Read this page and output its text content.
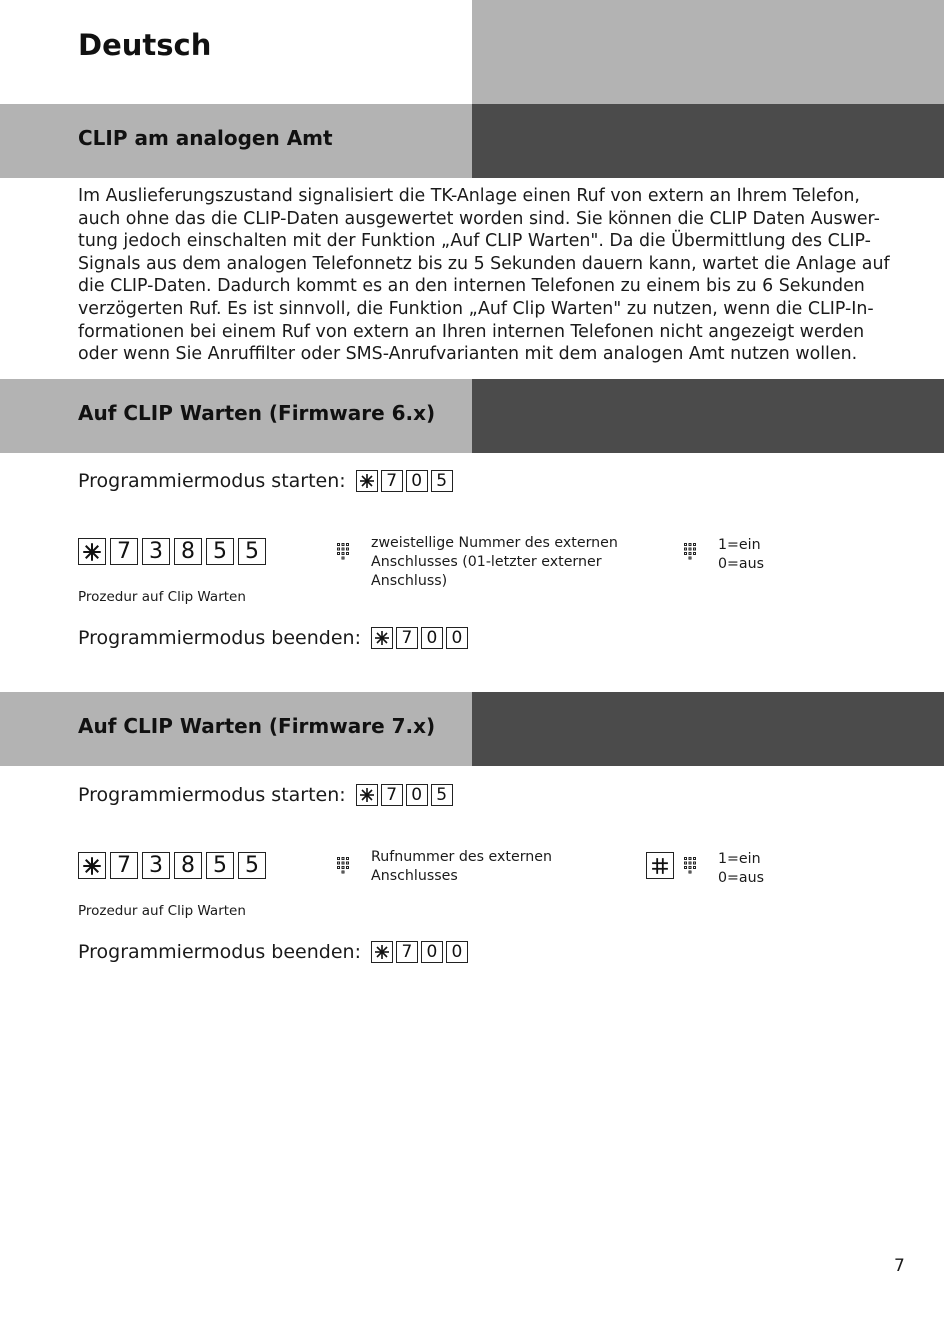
Deutsch
CLIP am analogen Amt

Im Auslieferungszustand signalisiert die TK-Anlage einen Ruf von extern an Ihrem Telefon,
auch ohne das die CLIP-Daten ausgewertet worden sind. Sie können die CLIP Daten Auswer-
tung jedoch einschalten mit der Funktion „Auf CLIP Warten". Da die Übermittlung des CLIP-
Signals aus dem analogen Telefonnetz bis zu 5 Sekunden dauern kann, wartet die Anlage auf
die CLIP-Daten. Dadurch kommt es an den internen Telefonen zu einem bis zu 6 Sekunden
verzögerten Ruf. Es ist sinnvoll, die Funktion „Auf Clip Warten" zu nutzen, wenn die CLIP-In-
formationen bei einem Ruf von extern an Ihren internen Telefonen nicht angezeigt werden
oder wenn Sie Anruffilter oder SMS-Anrufvarianten mit dem analogen Amt nutzen wollen.

Auf CLIP Warten (Firmware 6.x)
Programmiermodus starten:	7 0 5
7 3 8 5 5
Prozedur auf Clip Warten
zweistellige Nummer des externen
Anschlusses (01-letzter externer
Anschluss)
1=ein
0=aus
Programmiermodus beenden:	7 0 0
Auf CLIP Warten (Firmware 7.x)
Programmiermodus starten:	7 0 5
7 3 8 5 5
Prozedur auf Clip Warten
Rufnummer des externen
Anschlusses
1=ein
0=aus
Programmiermodus beenden:	7 0 0
7
